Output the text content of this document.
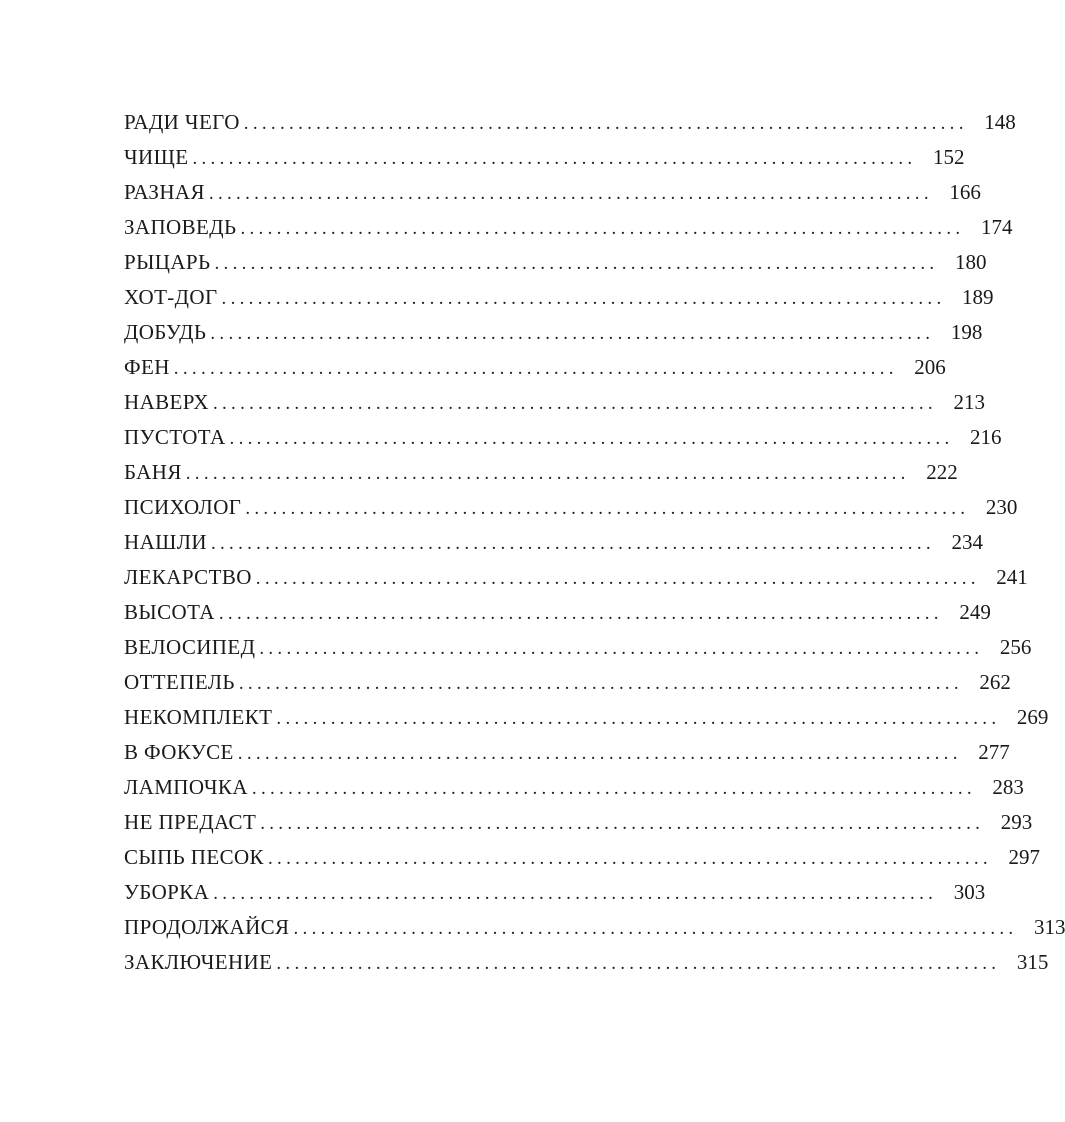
РАДИ ЧЕГО ................................................................................ 148
ЧИЩЕ ................................................................................ 152
РАЗНАЯ ................................................................................ 166
ЗАПОВЕДЬ ................................................................................ 174
РЫЦАРЬ ................................................................................ 180
ХОТ-ДОГ ................................................................................ 189
ДОБУДЬ ................................................................................ 198
ФЕН ................................................................................ 206
НАВЕРХ ................................................................................ 213
ПУСТОТА ................................................................................ 216
БАНЯ ................................................................................ 222
ПСИХОЛОГ ................................................................................ 230
НАШЛИ ................................................................................ 234
ЛЕКАРСТВО ................................................................................ 241
ВЫСОТА ................................................................................ 249
ВЕЛОСИПЕД ................................................................................ 256
ОТТЕПЕЛЬ ................................................................................ 262
НЕКОМПЛЕКТ ................................................................................ 269
В ФОКУСЕ ................................................................................ 277
ЛАМПОЧКА ................................................................................ 283
НЕ ПРЕДАСТ ................................................................................ 293
СЫПЬ ПЕСОК ................................................................................ 297
УБОРКА ................................................................................ 303
ПРОДОЛЖАЙСЯ ................................................................................ 313
ЗАКЛЮЧЕНИЕ ................................................................................ 315
